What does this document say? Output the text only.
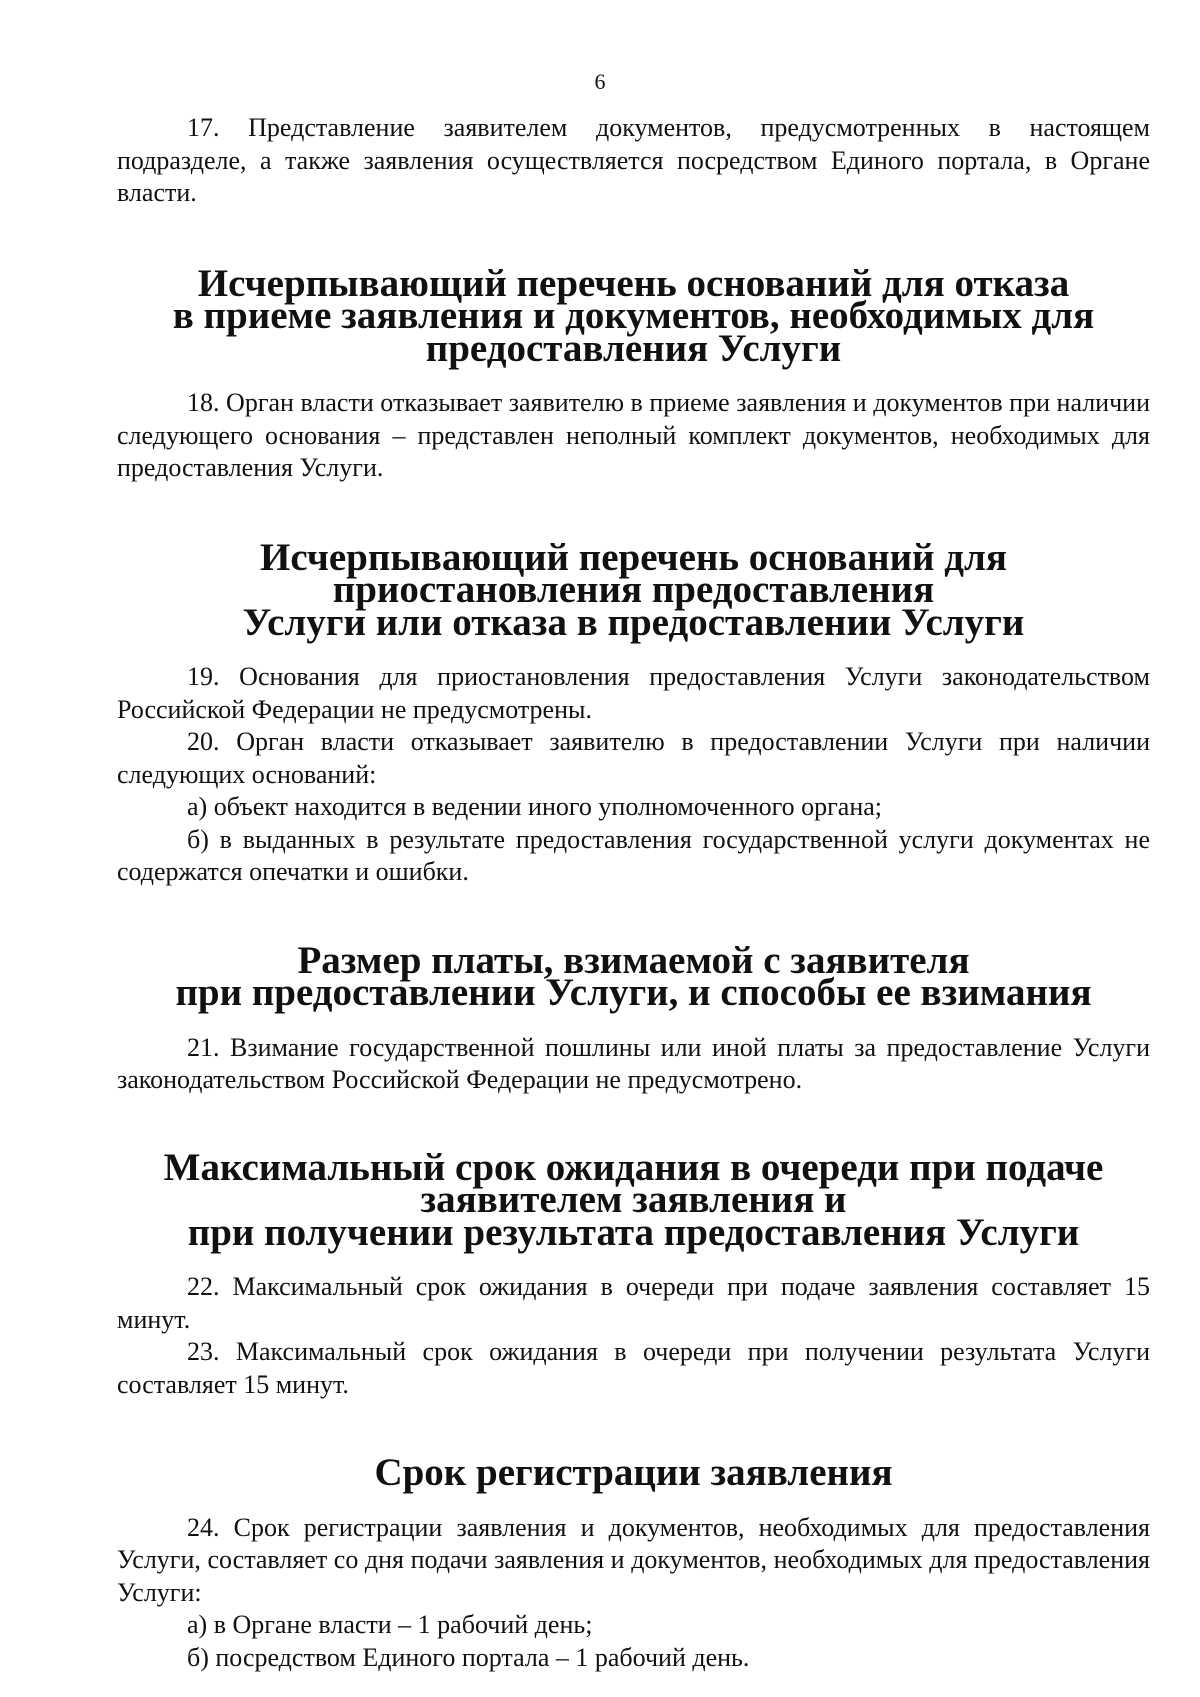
6

17. Представление заявителем документов, предусмотренных в настоящем подразделе, а также заявления осуществляется посредством Единого портала, в Органе власти.

Исчерпывающий перечень оснований для отказа
в приеме заявления и документов, необходимых для предоставления Услуги

18. Орган власти отказывает заявителю в приеме заявления и документов при наличии следующего основания – представлен неполный комплект документов, необходимых для предоставления Услуги.

Исчерпывающий перечень оснований для приостановления предоставления
Услуги или отказа в предоставлении Услуги

19. Основания для приостановления предоставления Услуги законодательством Российской Федерации не предусмотрены.

20. Орган власти отказывает заявителю в предоставлении Услуги при наличии следующих оснований:

а) объект находится в ведении иного уполномоченного органа;

б) в выданных в результате предоставления государственной услуги документах не содержатся опечатки и ошибки.

Размер платы, взимаемой с заявителя
при предоставлении Услуги, и способы ее взимания

21. Взимание государственной пошлины или иной платы за предоставление Услуги законодательством Российской Федерации не предусмотрено.

Максимальный срок ожидания в очереди при подаче заявителем заявления и
при получении результата предоставления Услуги

22. Максимальный срок ожидания в очереди при подаче заявления составляет 15 минут.

23. Максимальный срок ожидания в очереди при получении результата Услуги составляет 15 минут.

Срок регистрации заявления

24. Срок регистрации заявления и документов, необходимых для предоставления Услуги, составляет со дня подачи заявления и документов, необходимых для предоставления Услуги:

а) в Органе власти – 1 рабочий день;

б) посредством Единого портала – 1 рабочий день.
